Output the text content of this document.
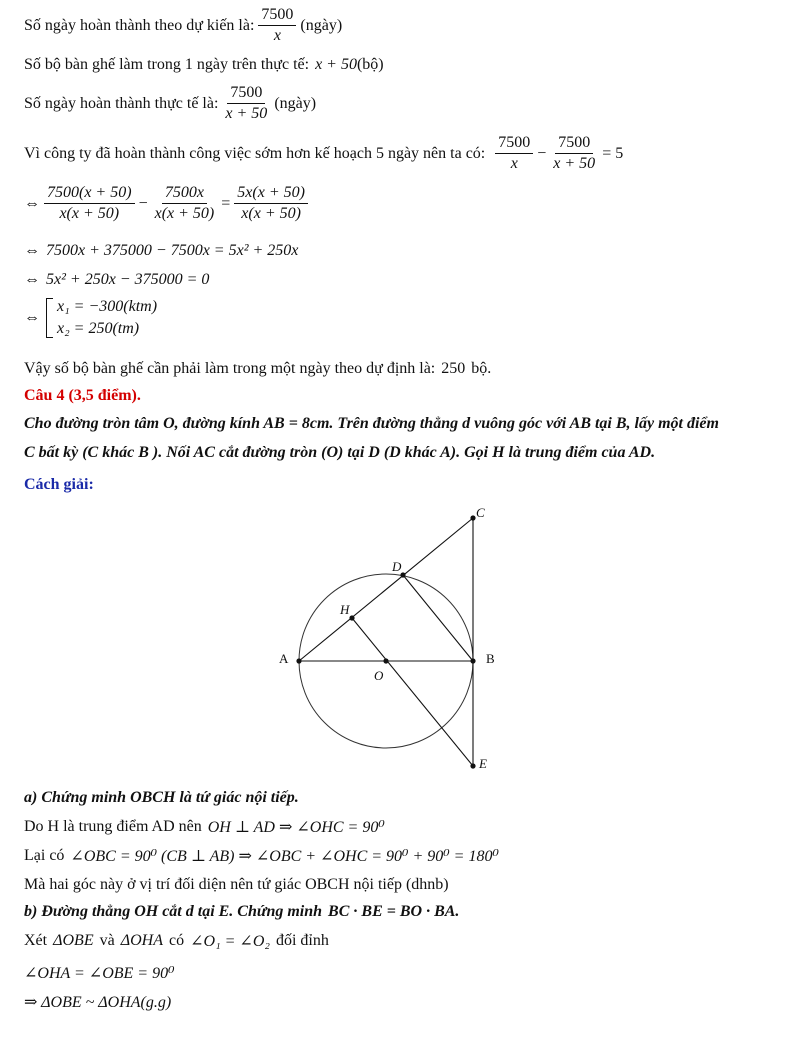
Số ngày hoàn thành theo dự kiến là: $\frac{7500}{x}$ (ngày)
Số bộ bàn ghế làm trong 1 ngày trên thực tế: x + 50 (bộ)
Số ngày hoàn thành thực tế là: $\frac{7500}{x + 50}$ (ngày)
Vì công ty đã hoàn thành công việc sớm hơn kế hoạch 5 ngày nên ta có: $\frac{7500}{x} - \frac{7500}{x + 50} = 5$
⇔ $\frac{7500(x + 50)}{x(x + 50)} - \frac{7500x}{x(x + 50)} = \frac{5x(x + 50)}{x(x + 50)}$
⇔ 7500x + 375000 − 7500x = 5x² + 250x
⇔ 5x² + 250x − 375000 = 0
⇔
x₁ = −300(ktm)
x₂ = 250(tm)
Vậy số bộ bàn ghế cần phải làm trong một ngày theo dự định là: 250 bộ.
Câu 4 (3,5 điểm).
Cho đường tròn tâm O, đường kính AB = 8cm. Trên đường thẳng d vuông góc với AB tại B, lấy một điểm
C bất kỳ (C khác B ). Nối AC cắt đường tròn (O) tại D (D khác A). Gọi H là trung điểm của AD.
Cách giải:
A	B
C
D
H
O
E
a) Chứng minh OBCH là tứ giác nội tiếp.
Do H là trung điểm AD nên OH ⊥ AD ⇒ ∠OHC = 90⁰
Lại có ∠OBC = 90⁰ (CB ⊥ AB) ⇒ ∠OBC + ∠OHC = 90⁰ + 90⁰ = 180⁰
Mà hai góc này ở vị trí đối diện nên tứ giác OBCH nội tiếp (dhnb)
b) Đường thẳng OH cắt d tại E. Chứng minh BC · BE = BO · BA.
Xét ΔOBE và ΔOHA có ∠O₁ = ∠O₂ đối đỉnh
∠OHA = ∠OBE = 90⁰
⇒ ΔOBE ~ ΔOHA(g.g)
